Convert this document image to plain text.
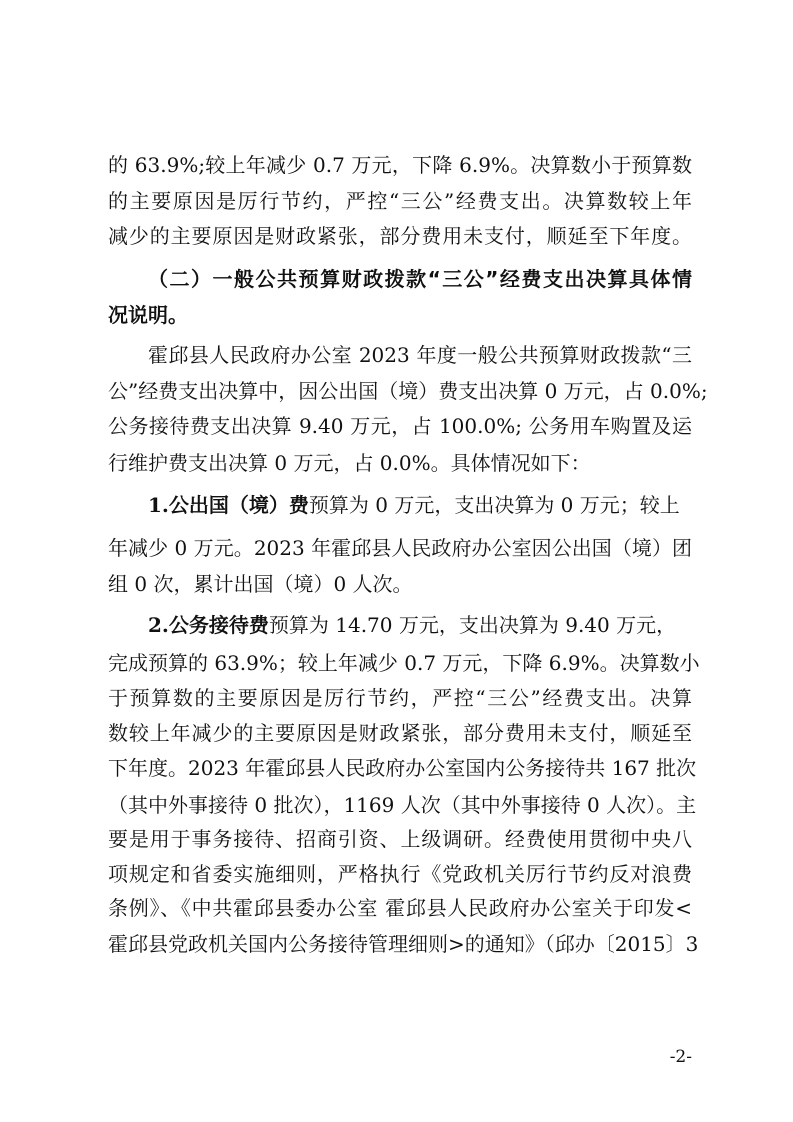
的 63.9%;较上年减少 0.7 万元，下降 6.9%。决算数小于预算数
的主要原因是厉行节约，严控“三公”经费支出。决算数较上年
减少的主要原因是财政紧张，部分费用未支付，顺延至下年度。
（二）一般公共预算财政拨款“三公”经费支出决算具体情
况说明。
霍邱县人民政府办公室 2023 年度一般公共预算财政拨款“三
公”经费支出决算中，因公出国（境）费支出决算 0 万元，占 0.0%;
公务接待费支出决算 9.40 万元，占 100.0%; 公务用车购置及运
行维护费支出决算 0 万元，占 0.0%。具体情况如下：
1.公出国（境）费预算为 0 万元，支出决算为 0 万元；较上
年减少 0 万元。2023 年霍邱县人民政府办公室因公出国（境）团
组 0 次，累计出国（境）0 人次。
2.公务接待费预算为 14.70 万元，支出决算为 9.40 万元，
完成预算的 63.9%；较上年减少 0.7 万元，下降 6.9%。决算数小
于预算数的主要原因是厉行节约，严控“三公”经费支出。决算
数较上年减少的主要原因是财政紧张，部分费用未支付，顺延至
下年度。2023 年霍邱县人民政府办公室国内公务接待共 167 批次
（其中外事接待 0 批次），1169 人次（其中外事接待 0 人次）。主
要是用于事务接待、招商引资、上级调研。经费使用贯彻中央八
项规定和省委实施细则，严格执行《党政机关厉行节约反对浪费
条例》、《中共霍邱县委办公室 霍邱县人民政府办公室关于印发<
霍邱县党政机关国内公务接待管理细则>的通知》（邱办〔2015〕3
-2-
